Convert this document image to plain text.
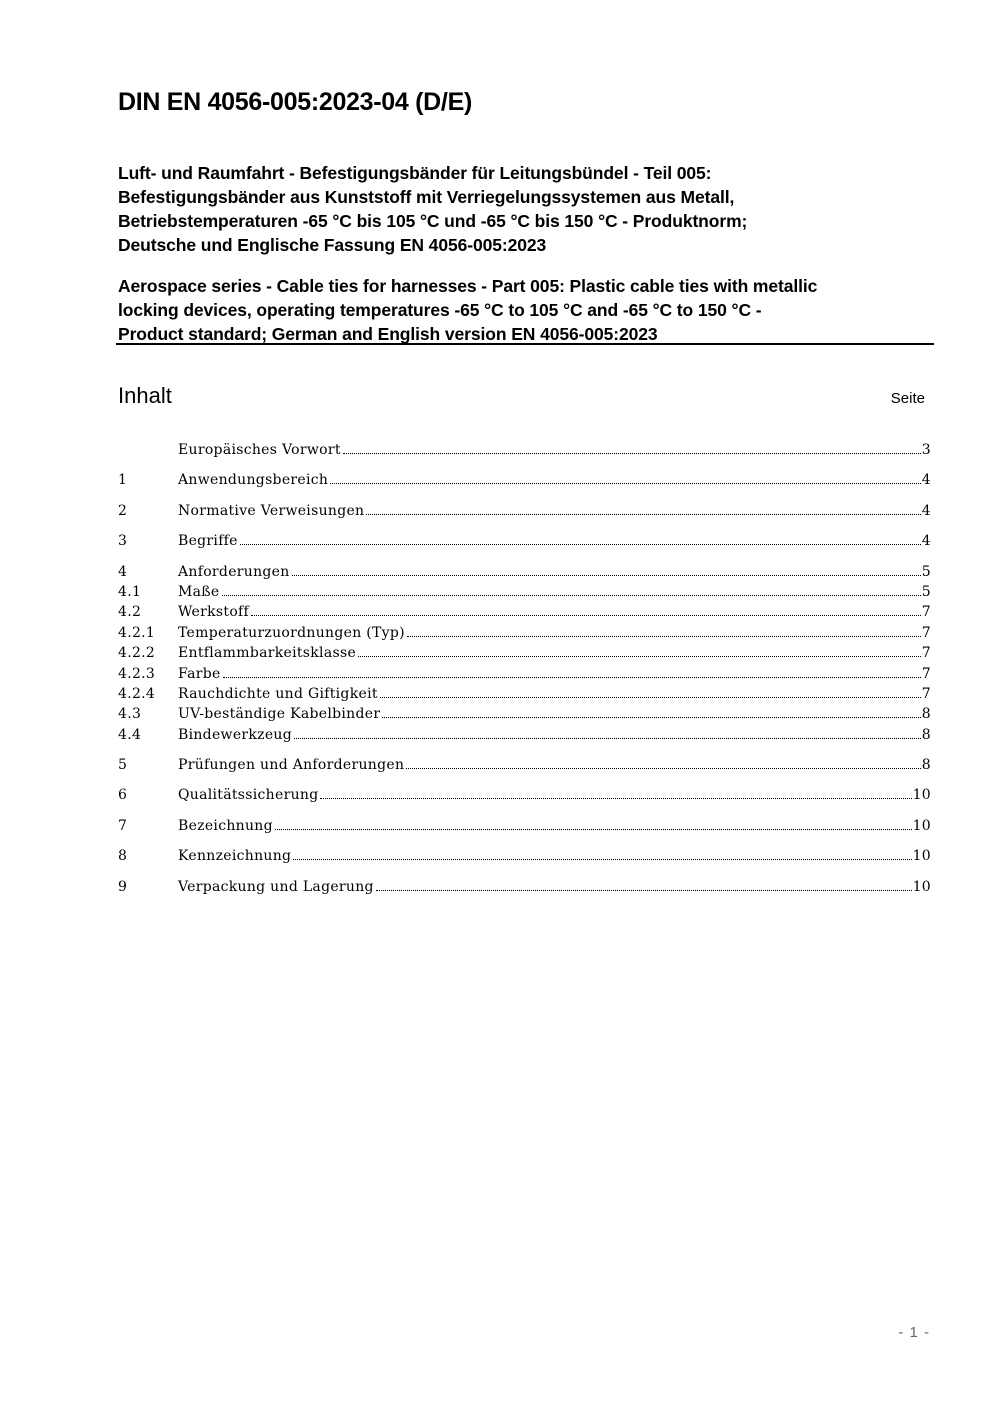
DIN EN 4056-005:2023-04 (D/E)
Luft- und Raumfahrt - Befestigungsbänder für Leitungsbündel - Teil 005:
Befestigungsbänder aus Kunststoff mit Verriegelungssystemen aus Metall,
Betriebstemperaturen -65 °C bis 105 °C und -65 °C bis 150 °C - Produktnorm;
Deutsche und Englische Fassung EN 4056-005:2023
Aerospace series - Cable ties for harnesses - Part 005: Plastic cable ties with metallic
locking devices, operating temperatures -65 °C to 105 °C and -65 °C to 150 °C -
Product standard; German and English version EN 4056-005:2023
Inhalt	Seite
Europäisches Vorwort	3
1	Anwendungsbereich	4
2	Normative Verweisungen	4
3	Begriffe	4
4	Anforderungen	5
4.1	Maße	5
4.2	Werkstoff	7
4.2.1	Temperaturzuordnungen (Typ)	7
4.2.2	Entflammbarkeitsklasse	7
4.2.3	Farbe	7
4.2.4	Rauchdichte und Giftigkeit	7
4.3	UV-beständige Kabelbinder	8
4.4	Bindewerkzeug	8
5	Prüfungen und Anforderungen	8
6	Qualitätssicherung	10
7	Bezeichnung	10
8	Kennzeichnung	10
9	Verpackung und Lagerung	10
- 1 -
